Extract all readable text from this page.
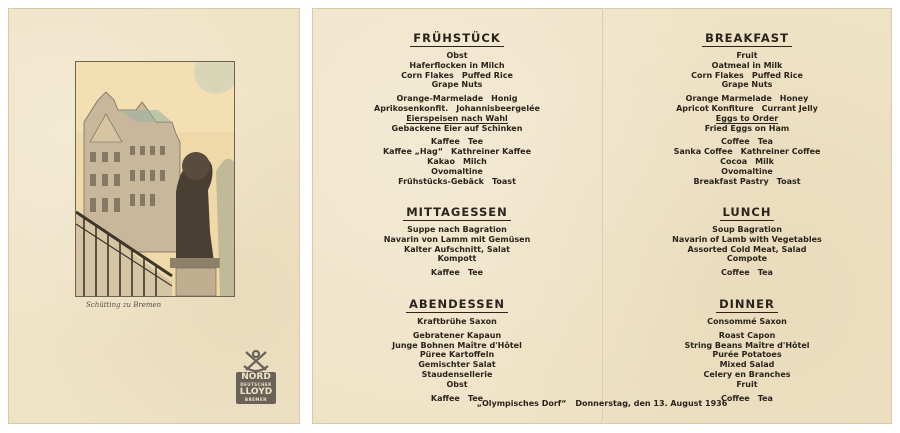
Schütting zu Bremen
NORD
DEUTSCHER
LLOYD
BREMEN
FRÜHSTÜCK
Obst
Haferflocken in Milch
Corn Flakes Puffed Rice
Grape Nuts
Orange-Marmelade Honig
Aprikosenkonfit. Johannisbeergelée
Eierspeisen nach Wahl
Gebackene Eier auf Schinken
Kaffee Tee
Kaffee „Hag“ Kathreiner Kaffee
Kakao Milch
Ovomaltine
Frühstücks-Gebäck Toast
MITTAGESSEN
Suppe nach Bagration
Navarin von Lamm mit Gemüsen
Kalter Aufschnitt, Salat
Kompott
Kaffee Tee
ABENDESSEN
Kraftbrühe Saxon
Gebratener Kapaun
Junge Bohnen Maître d'Hôtel
Püree Kartoffeln
Gemischter Salat
Staudensellerie
Obst
Kaffee Tee
BREAKFAST
Fruit
Oatmeal in Milk
Corn Flakes Puffed Rice
Grape Nuts
Orange Marmelade Honey
Apricot Konfiture Currant Jelly
Eggs to Order
Fried Eggs on Ham
Coffee Tea
Sanka Coffee Kathreiner Coffee
Cocoa Milk
Ovomaltine
Breakfast Pastry Toast
LUNCH
Soup Bagration
Navarin of Lamb with Vegetables
Assorted Cold Meat, Salad
Compote
Coffee Tea
DINNER
Consommé Saxon
Roast Capon
String Beans Maître d'Hôtel
Purée Potatoes
Mixed Salad
Celery en Branches
Fruit
Coffee Tea
„Olympisches Dorf“ Donnerstag, den 13. August 1936
